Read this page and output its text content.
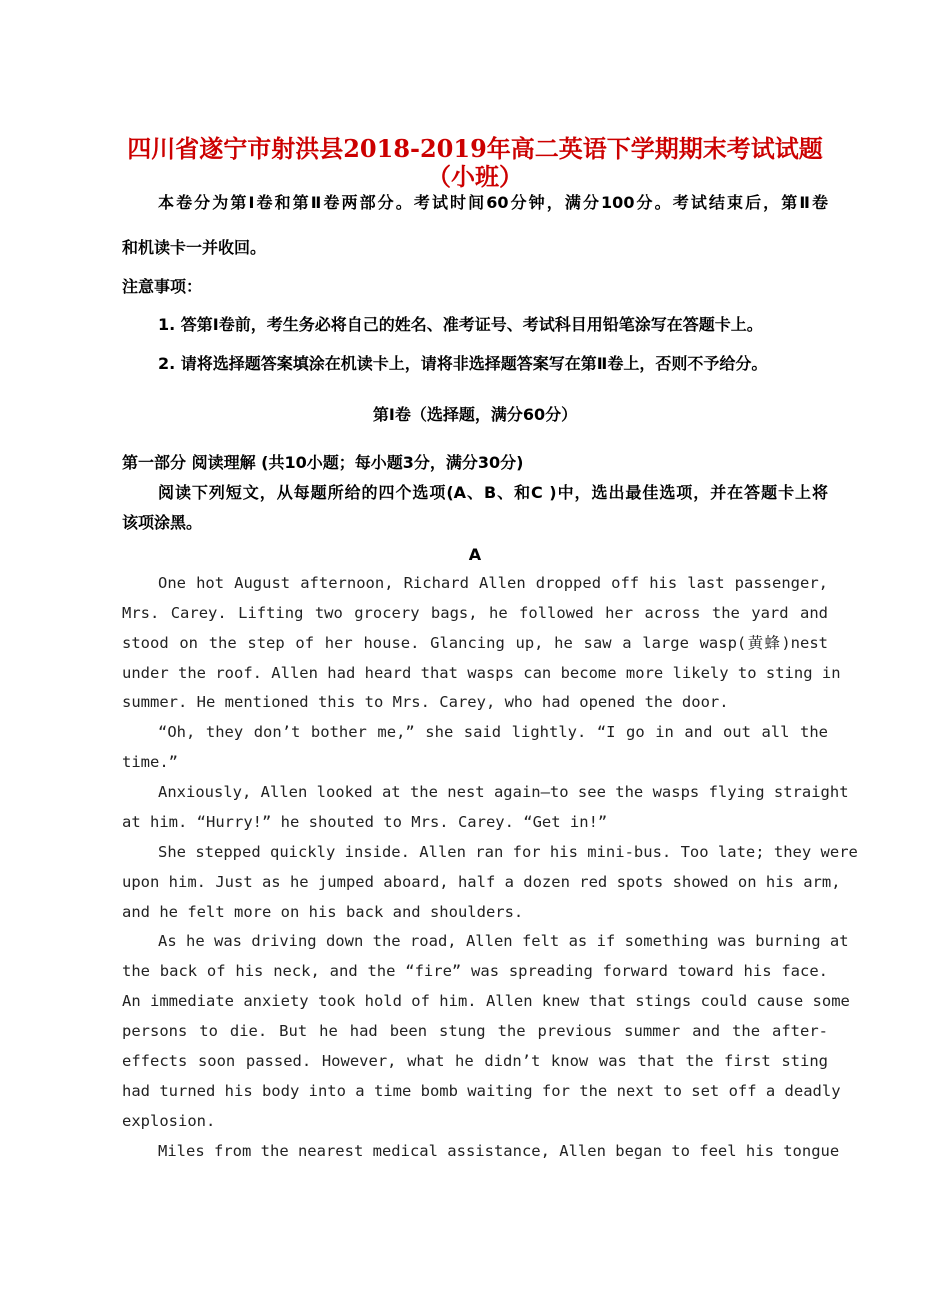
四川省遂宁市射洪县2018-2019年高二英语下学期期末考试试题
（小班）
本卷分为第Ⅰ卷和第Ⅱ卷两部分。考试时间60分钟，满分100分。考试结束后，第Ⅱ卷
和机读卡一并收回。
注意事项：
1. 答第Ⅰ卷前，考生务必将自己的姓名、准考证号、考试科目用铅笔涂写在答题卡上。
2. 请将选择题答案填涂在机读卡上，请将非选择题答案写在第Ⅱ卷上，否则不予给分。
第Ⅰ卷（选择题，满分60分）
第一部分 阅读理解 (共10小题；每小题3分，满分30分)
阅读下列短文，从每题所给的四个选项(A、B、和C )中，选出最佳选项，并在答题卡上将
该项涂黑。
A
One hot August afternoon, Richard Allen dropped off his last passenger,
Mrs. Carey. Lifting two grocery bags, he followed her across the yard and
stood on the step of her house. Glancing up, he saw a large wasp(黄蜂)nest
under the roof. Allen had heard that wasps can become more likely to sting in
summer. He mentioned this to Mrs. Carey, who had opened the door.
“Oh, they don’t bother me,” she said lightly. “I go in and out all the
time.”
Anxiously, Allen looked at the nest again—to see the wasps flying straight
at him. “Hurry!” he shouted to Mrs. Carey. “Get in!”
She stepped quickly inside. Allen ran for his mini-bus. Too late; they were
upon him. Just as he jumped aboard, half a dozen red spots showed on his arm,
and he felt more on his back and shoulders.
As he was driving down the road, Allen felt as if something was burning at
the back of his neck, and the “fire” was spreading forward toward his face.
An immediate anxiety took hold of him. Allen knew that stings could cause some
persons to die. But he had been stung the previous summer and the after-
effects soon passed. However, what he didn’t know was that the first sting
had turned his body into a time bomb waiting for the next to set off a deadly
explosion.
Miles from the nearest medical assistance, Allen began to feel his tongue
